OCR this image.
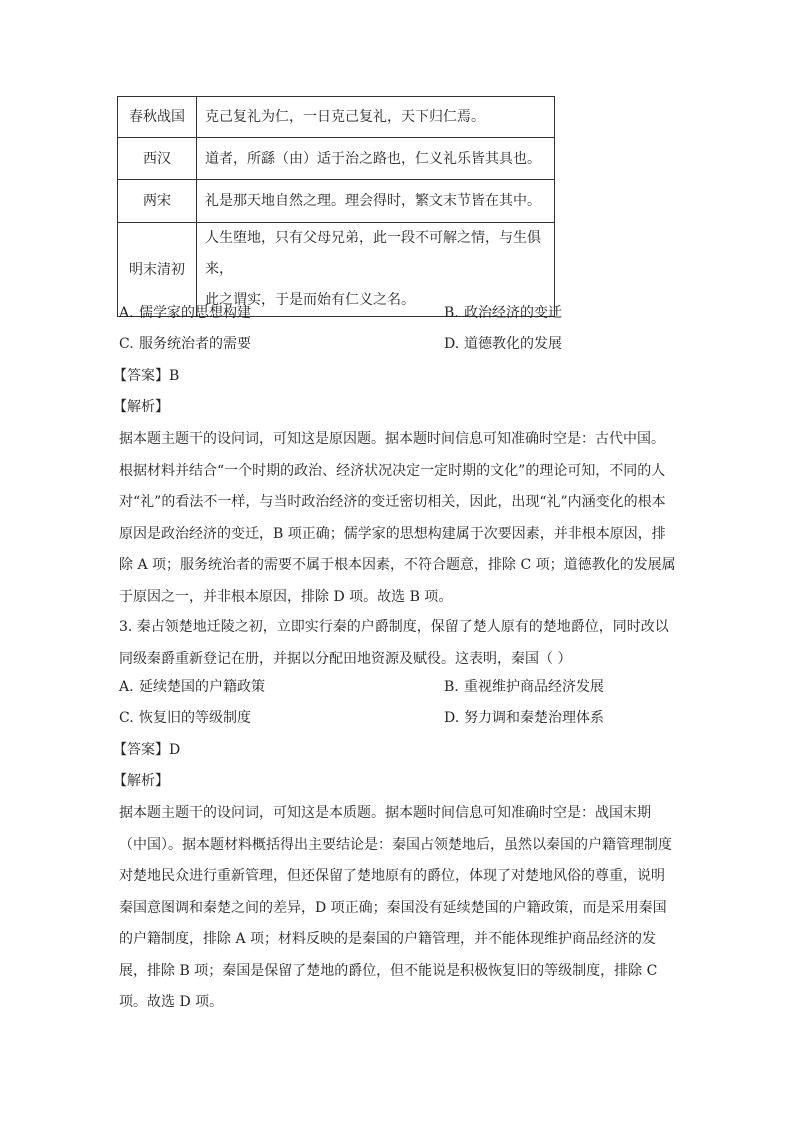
春秋战国	克己复礼为仁，一日克己复礼，天下归仁焉。
西汉	道者，所繇（由）适于治之路也，仁义礼乐皆其具也。
两宋	礼是那天地自然之理。理会得时，繁文末节皆在其中。
明末清初	人生堕地，只有父母兄弟，此一段不可解之情，与生俱来，
此之谓实，于是而始有仁义之名。
A. 儒学家的思想构建	B. 政治经济的变迁
C. 服务统治者的需要	D. 道德教化的发展
【答案】B
【解析】

据本题主题干的设问词，可知这是原因题。据本题时间信息可知准确时空是：古代中国。

根据材料并结合“一个时期的政治、经济状况决定一定时期的文化”的理论可知，不同的人

对“礼”的看法不一样，与当时政治经济的变迁密切相关，因此，出现“礼”内涵变化的根本

原因是政治经济的变迁，B 项正确；儒学家的思想构建属于次要因素，并非根本原因，排

除 A 项；服务统治者的需要不属于根本因素，不符合题意，排除 C 项；道德教化的发展属

于原因之一，并非根本原因，排除 D 项。故选 B 项。

3. 秦占领楚地迁陵之初，立即实行秦的户爵制度，保留了楚人原有的楚地爵位，同时改以

同级秦爵重新登记在册，并据以分配田地资源及赋役。这表明，秦国（ ）

A. 延续楚国的户籍政策	B. 重视维护商品经济发展
C. 恢复旧的等级制度	D. 努力调和秦楚治理体系
【答案】D
【解析】

据本题主题干的设问词，可知这是本质题。据本题时间信息可知准确时空是：战国末期

（中国）。据本题材料概括得出主要结论是：秦国占领楚地后，虽然以秦国的户籍管理制度

对楚地民众进行重新管理，但还保留了楚地原有的爵位，体现了对楚地风俗的尊重，说明

秦国意图调和秦楚之间的差异，D 项正确；秦国没有延续楚国的户籍政策，而是采用秦国

的户籍制度，排除 A 项；材料反映的是秦国的户籍管理，并不能体现维护商品经济的发

展，排除 B 项；秦国是保留了楚地的爵位，但不能说是积极恢复旧的等级制度，排除 C

项。故选 D 项。
